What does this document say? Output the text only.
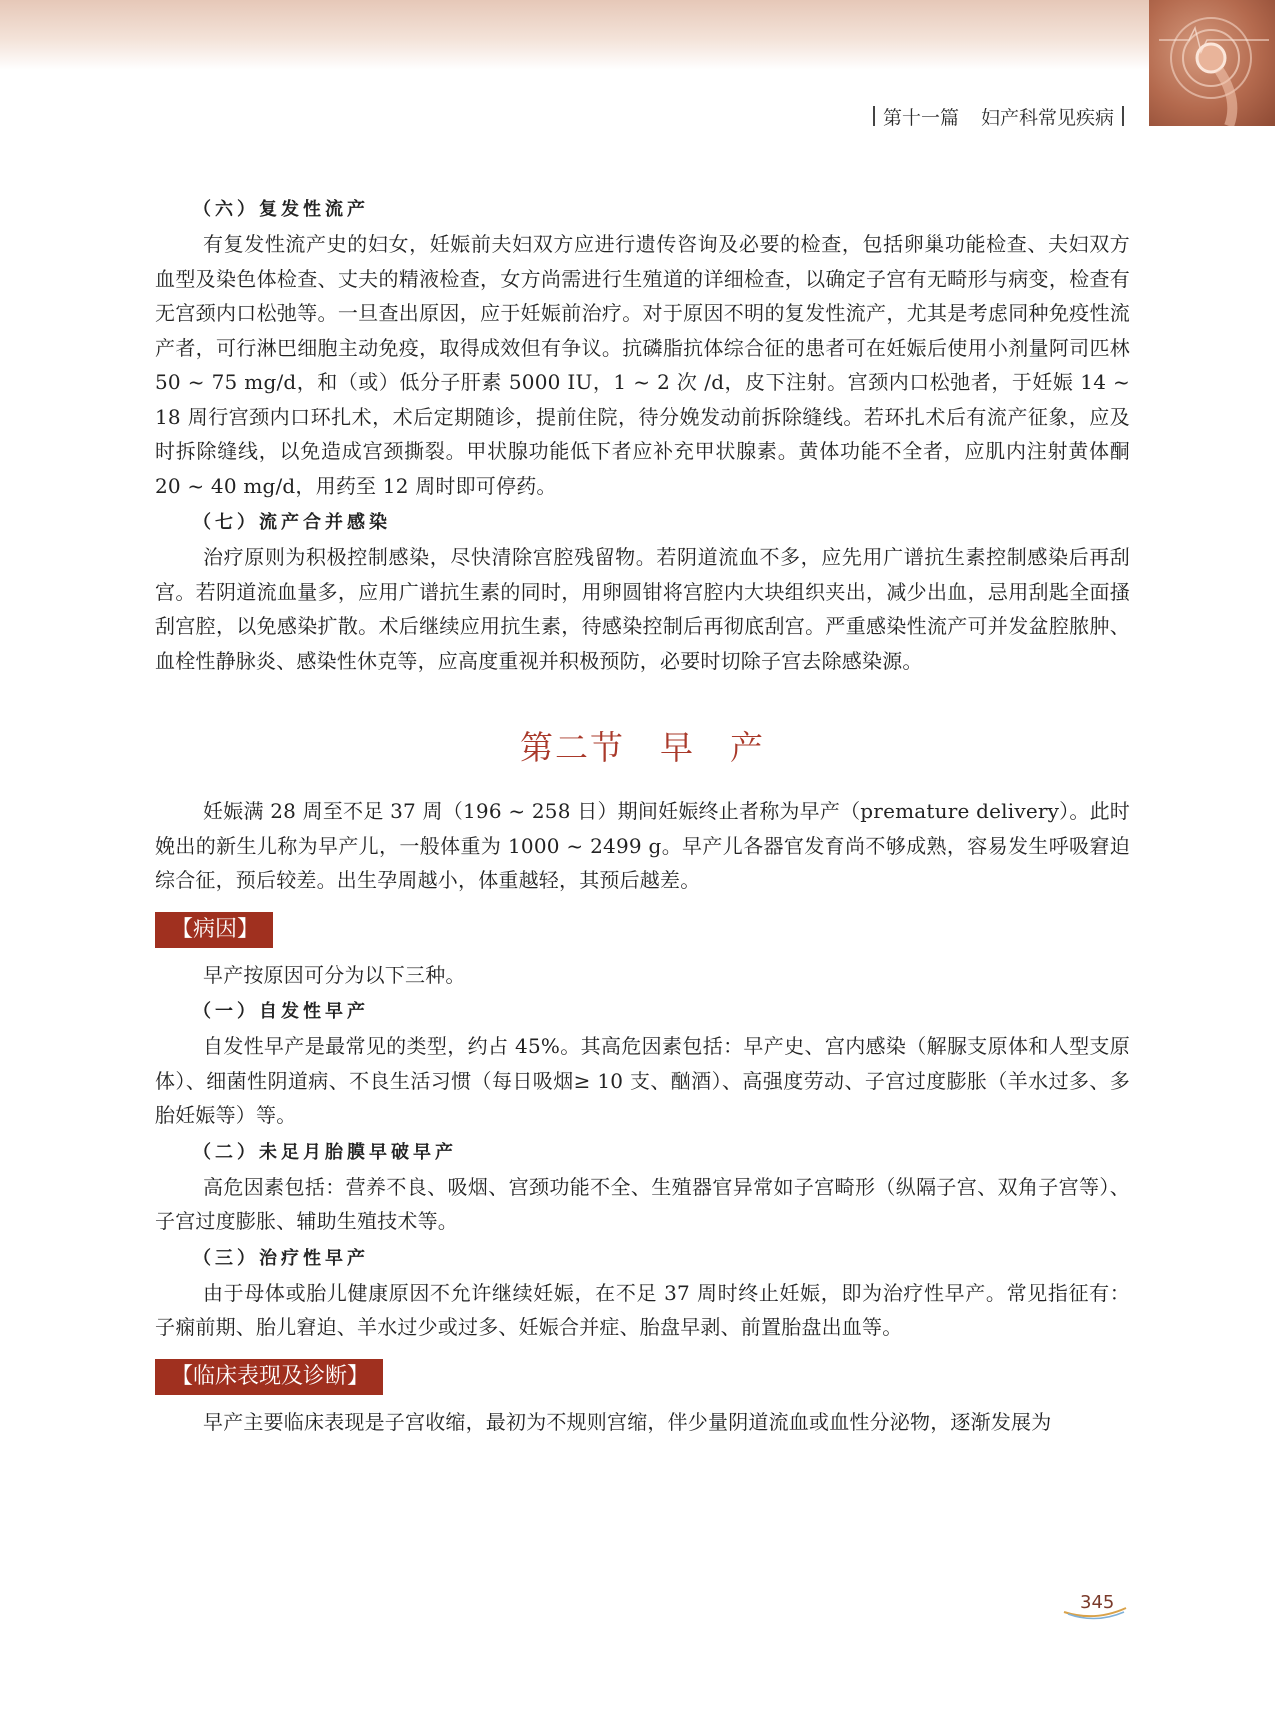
第十一篇 妇产科常见疾病
（六）复发性流产

有复发性流产史的妇女，妊娠前夫妇双方应进行遗传咨询及必要的检查，包括卵巢功能检查、夫妇双方血型及染色体检查、丈夫的精液检查，女方尚需进行生殖道的详细检查，以确定子宫有无畸形与病变，检查有无宫颈内口松弛等。一旦查出原因，应于妊娠前治疗。对于原因不明的复发性流产，尤其是考虑同种免疫性流产者，可行淋巴细胞主动免疫，取得成效但有争议。抗磷脂抗体综合征的患者可在妊娠后使用小剂量阿司匹林 50 ~ 75 mg/d，和（或）低分子肝素 5000 IU，1 ~ 2 次 /d，皮下注射。宫颈内口松弛者，于妊娠 14 ~ 18 周行宫颈内口环扎术，术后定期随诊，提前住院，待分娩发动前拆除缝线。若环扎术后有流产征象，应及时拆除缝线，以免造成宫颈撕裂。甲状腺功能低下者应补充甲状腺素。黄体功能不全者，应肌内注射黄体酮 20 ~ 40 mg/d，用药至 12 周时即可停药。

（七）流产合并感染

治疗原则为积极控制感染，尽快清除宫腔残留物。若阴道流血不多，应先用广谱抗生素控制感染后再刮宫。若阴道流血量多，应用广谱抗生素的同时，用卵圆钳将宫腔内大块组织夹出，减少出血，忌用刮匙全面搔刮宫腔，以免感染扩散。术后继续应用抗生素，待感染控制后再彻底刮宫。严重感染性流产可并发盆腔脓肿、血栓性静脉炎、感染性休克等，应高度重视并积极预防，必要时切除子宫去除感染源。

第二节　早　产

妊娠满 28 周至不足 37 周（196 ~ 258 日）期间妊娠终止者称为早产（premature delivery）。此时娩出的新生儿称为早产儿，一般体重为 1000 ~ 2499 g。早产儿各器官发育尚不够成熟，容易发生呼吸窘迫综合征，预后较差。出生孕周越小，体重越轻，其预后越差。

【病因】

早产按原因可分为以下三种。

（一）自发性早产

自发性早产是最常见的类型，约占 45%。其高危因素包括：早产史、宫内感染（解脲支原体和人型支原体）、细菌性阴道病、不良生活习惯（每日吸烟≥ 10 支、酗酒）、高强度劳动、子宫过度膨胀（羊水过多、多胎妊娠等）等。

（二）未足月胎膜早破早产

高危因素包括：营养不良、吸烟、宫颈功能不全、生殖器官异常如子宫畸形（纵隔子宫、双角子宫等）、子宫过度膨胀、辅助生殖技术等。

（三）治疗性早产

由于母体或胎儿健康原因不允许继续妊娠，在不足 37 周时终止妊娠，即为治疗性早产。常见指征有：子痫前期、胎儿窘迫、羊水过少或过多、妊娠合并症、胎盘早剥、前置胎盘出血等。

【临床表现及诊断】

早产主要临床表现是子宫收缩，最初为不规则宫缩，伴少量阴道流血或血性分泌物，逐渐发展为

345
